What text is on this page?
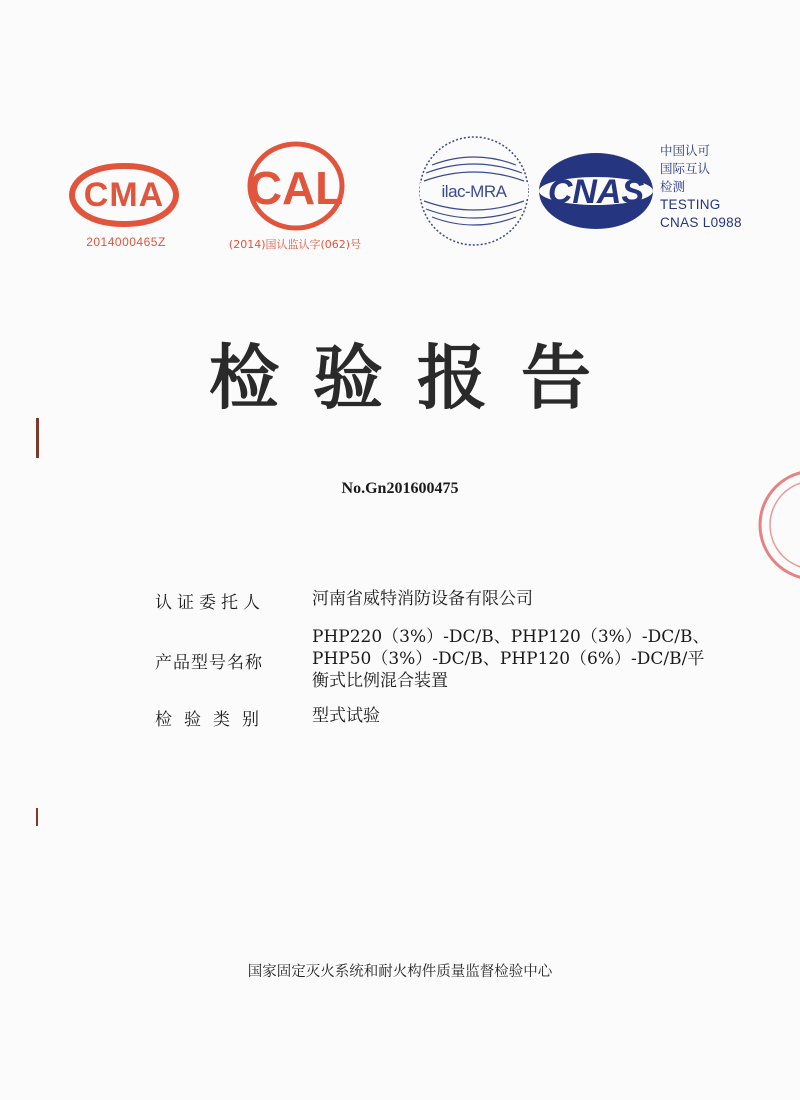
CMA
2014000465Z
CAL
(2014)国认监认字(062)号
ilac-MRA CNAS
中国认可
国际互认
检测
TESTING
CNAS L0988
检验报告
No.Gn201600475
认证委托人	河南省威特消防设备有限公司
产品型号名称
PHP220（3%）-DC/B、PHP120（3%）-DC/B、
PHP50（3%）-DC/B、PHP120（6%）-DC/B/平
衡式比例混合装置
检验类别	型式试验
国家固定灭火系统和耐火构件质量监督检验中心
